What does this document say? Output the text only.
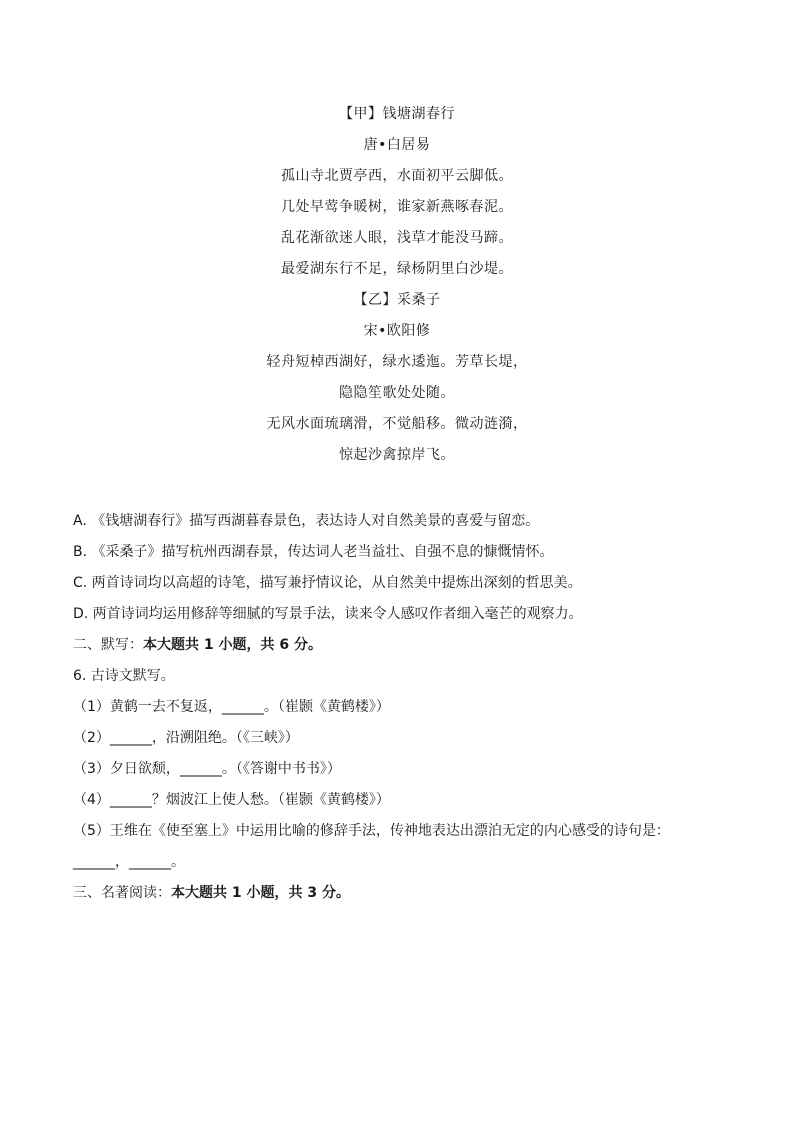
【甲】钱塘湖春行
唐•白居易
孤山寺北贾亭西，水面初平云脚低。
几处早莺争暖树，谁家新燕啄春泥。
乱花渐欲迷人眼，浅草才能没马蹄。
最爱湖东行不足，绿杨阴里白沙堤。
【乙】采桑子
宋•欧阳修
轻舟短棹西湖好，绿水逶迤。芳草长堤，
隐隐笙歌处处随。
无风水面琉璃滑，不觉船移。微动涟漪，
惊起沙禽掠岸飞。
A. 《钱塘湖春行》描写西湖暮春景色，表达诗人对自然美景的喜爱与留恋。
B. 《采桑子》描写杭州西湖春景，传达词人老当益壮、自强不息的慷慨情怀。
C. 两首诗词均以高超的诗笔，描写兼抒情议论，从自然美中提炼出深刻的哲思美。
D. 两首诗词均运用修辞等细腻的写景手法，读来令人感叹作者细入毫芒的观察力。
二、默写：本大题共 1 小题，共 6 分。
6. 古诗文默写。
（1）黄鹤一去不复返，______。（崔颢《黄鹤楼》）
（2）______，沿溯阻绝。（《三峡》）
（3）夕日欲颓，______。（《答谢中书书》）
（4）______？烟波江上使人愁。（崔颢《黄鹤楼》）
（5）王维在《使至塞上》中运用比喻的修辞手法，传神地表达出漂泊无定的内心感受的诗句是：
______，______。
三、名著阅读：本大题共 1 小题，共 3 分。
